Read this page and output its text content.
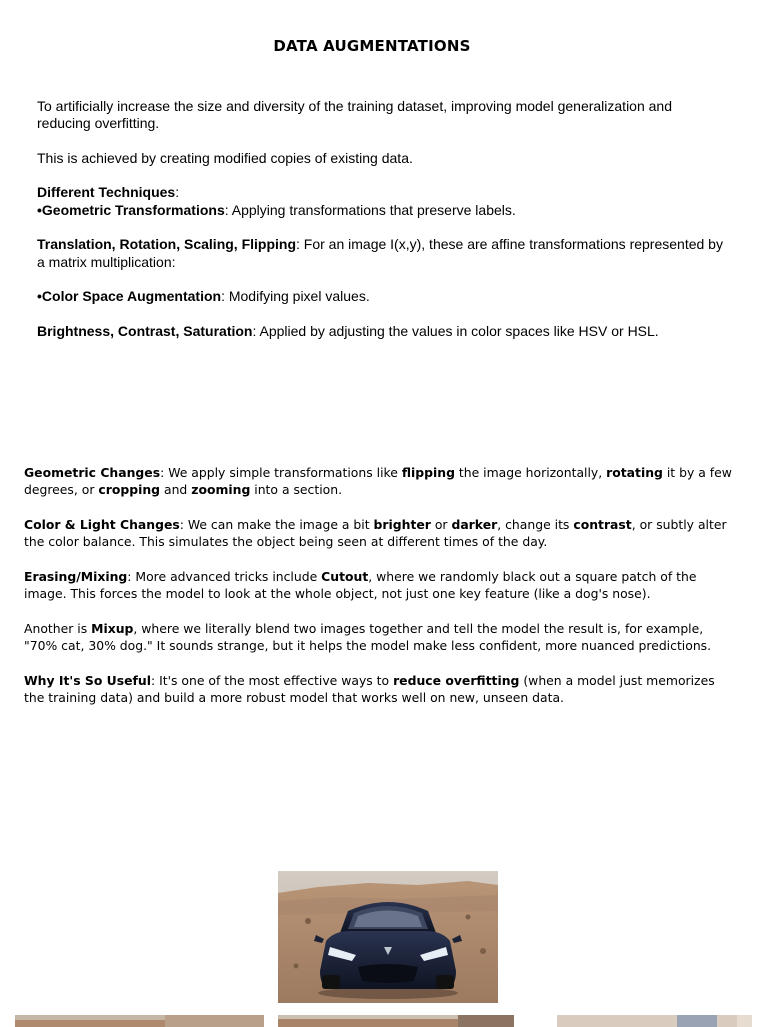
DATA AUGMENTATIONS

To artificially increase the size and diversity of the training dataset, improving model generalization and reducing overfitting.

This is achieved by creating modified copies of existing data.

Different Techniques:
•Geometric Transformations: Applying transformations that preserve labels.

Translation, Rotation, Scaling, Flipping: For an image I(x,y), these are affine transformations represented by a matrix multiplication:

•Color Space Augmentation: Modifying pixel values.

Brightness, Contrast, Saturation: Applied by adjusting the values in color spaces like HSV or HSL.

Geometric Changes: We apply simple transformations like flipping the image horizontally, rotating it by a few degrees, or cropping and zooming into a section.

Color & Light Changes: We can make the image a bit brighter or darker, change its contrast, or subtly alter the color balance. This simulates the object being seen at different times of the day.

Erasing/Mixing: More advanced tricks include Cutout, where we randomly black out a square patch of the image. This forces the model to look at the whole object, not just one key feature (like a dog's nose).

Another is Mixup, where we literally blend two images together and tell the model the result is, for example, "70% cat, 30% dog." It sounds strange, but it helps the model make less confident, more nuanced predictions.

Why It's So Useful: It's one of the most effective ways to reduce overfitting (when a model just memorizes the training data) and build a more robust model that works well on new, unseen data.
